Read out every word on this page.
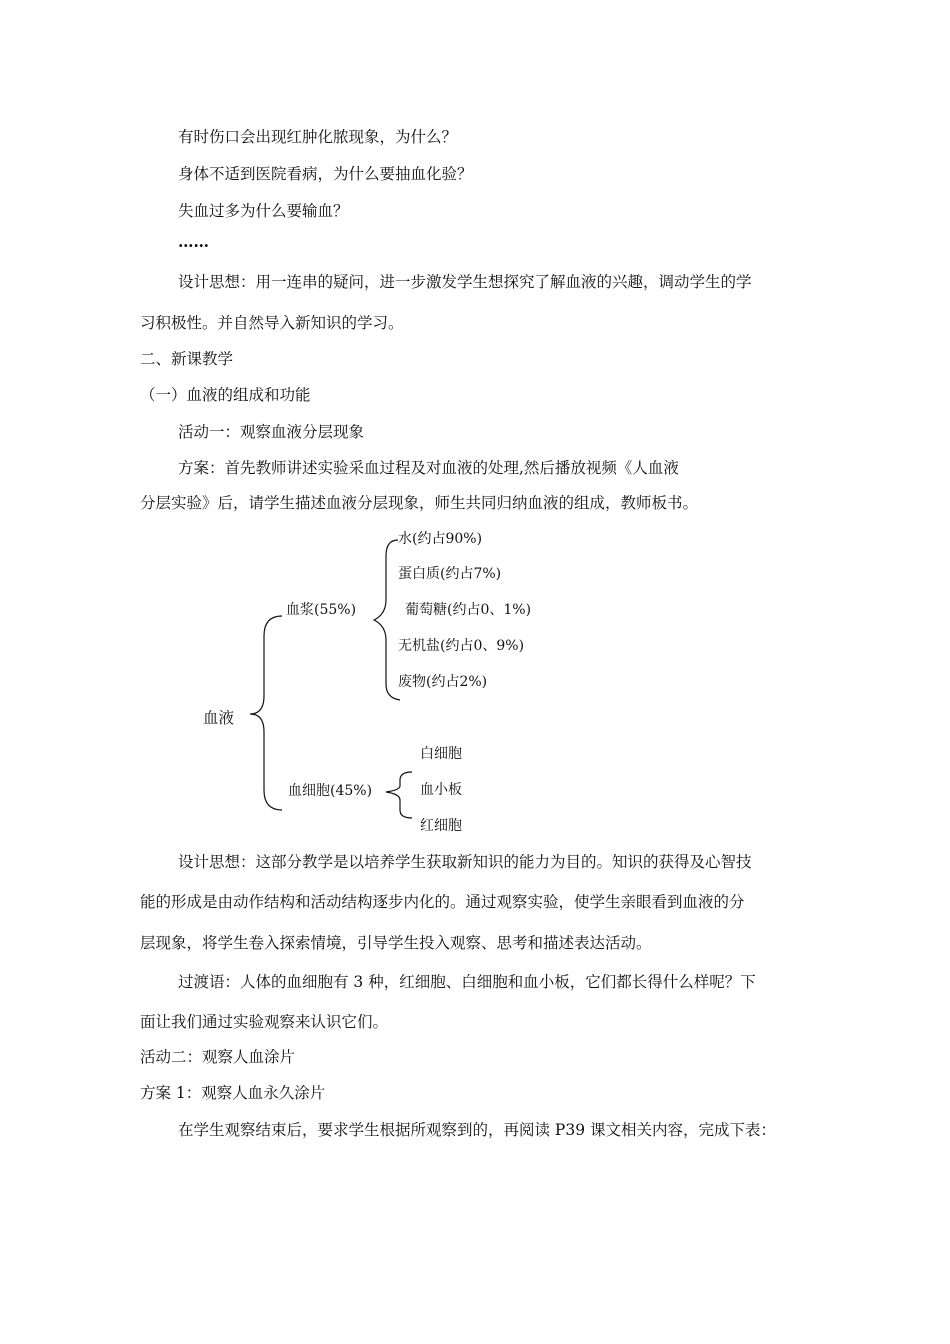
有时伤口会出现红肿化脓现象，为什么？
身体不适到医院看病，为什么要抽血化验？
失血过多为什么要输血？
……
设计思想：用一连串的疑问，进一步激发学生想探究了解血液的兴趣，调动学生的学
习积极性。并自然导入新知识的学习。
二、新课教学
（一）血液的组成和功能
活动一：观察血液分层现象
方案：首先教师讲述实验采血过程及对血液的处理,然后播放视频《人血液
分层实验》后，请学生描述血液分层现象，师生共同归纳血液的组成，教师板书。
血液
血浆(55%)
水(约占90%)
蛋白质(约占7%)
葡萄糖(约占0、1%)
无机盐(约占0、9%)
废物(约占2%)
血细胞(45%)
白细胞
血小板
红细胞
设计思想：这部分教学是以培养学生获取新知识的能力为目的。知识的获得及心智技
能的形成是由动作结构和活动结构逐步内化的。通过观察实验，使学生亲眼看到血液的分
层现象，将学生卷入探索情境，引导学生投入观察、思考和描述表达活动。
过渡语：人体的血细胞有 3 种，红细胞、白细胞和血小板，它们都长得什么样呢？下
面让我们通过实验观察来认识它们。
活动二：观察人血涂片
方案 1：观察人血永久涂片
在学生观察结束后，要求学生根据所观察到的，再阅读 P39 课文相关内容，完成下表：
